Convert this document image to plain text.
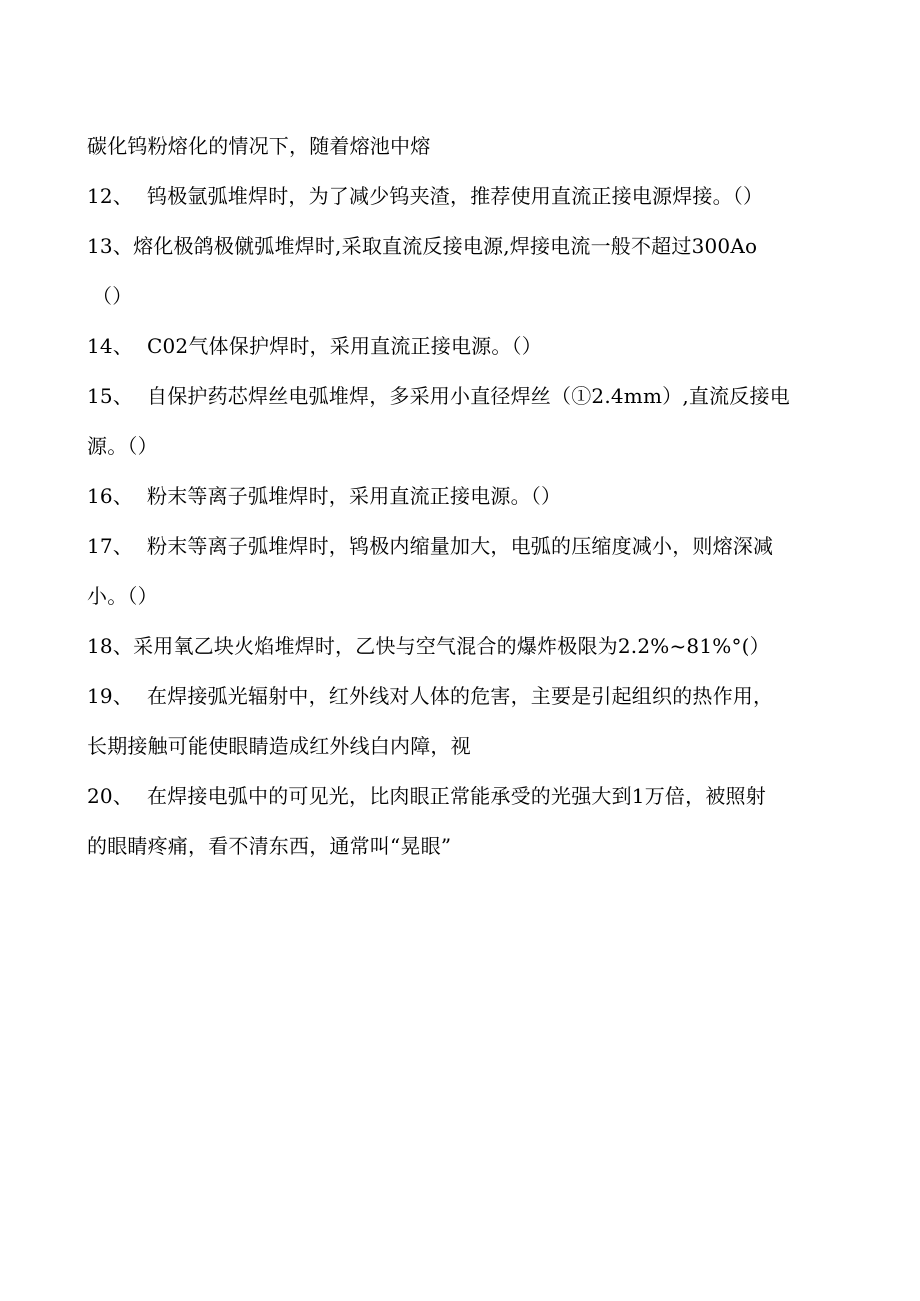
碳化钨粉熔化的情况下，随着熔池中熔
12、 钨极氩弧堆焊时，为了减少钨夹渣，推荐使用直流正接电源焊接。（）
13、熔化极鸽极僦弧堆焊时,采取直流反接电源,焊接电流一般不超过300Ao
（）
14、 C02气体保护焊时，采用直流正接电源。（）
15、 自保护药芯焊丝电弧堆焊，多采用小直径焊丝（①2.4mm）,直流反接电
源。（）
16、 粉末等离子弧堆焊时，采用直流正接电源。（）
17、 粉末等离子弧堆焊时，鸨极内缩量加大，电弧的压缩度减小，则熔深减
小。（）
18、采用氧乙块火焰堆焊时，乙快与空气混合的爆炸极限为2.2%~81%°(）
19、 在焊接弧光辐射中，红外线对人体的危害，主要是引起组织的热作用，
长期接触可能使眼睛造成红外线白内障，视
20、 在焊接电弧中的可见光，比肉眼正常能承受的光强大到1万倍，被照射
的眼睛疼痛，看不清东西，通常叫“晃眼”
